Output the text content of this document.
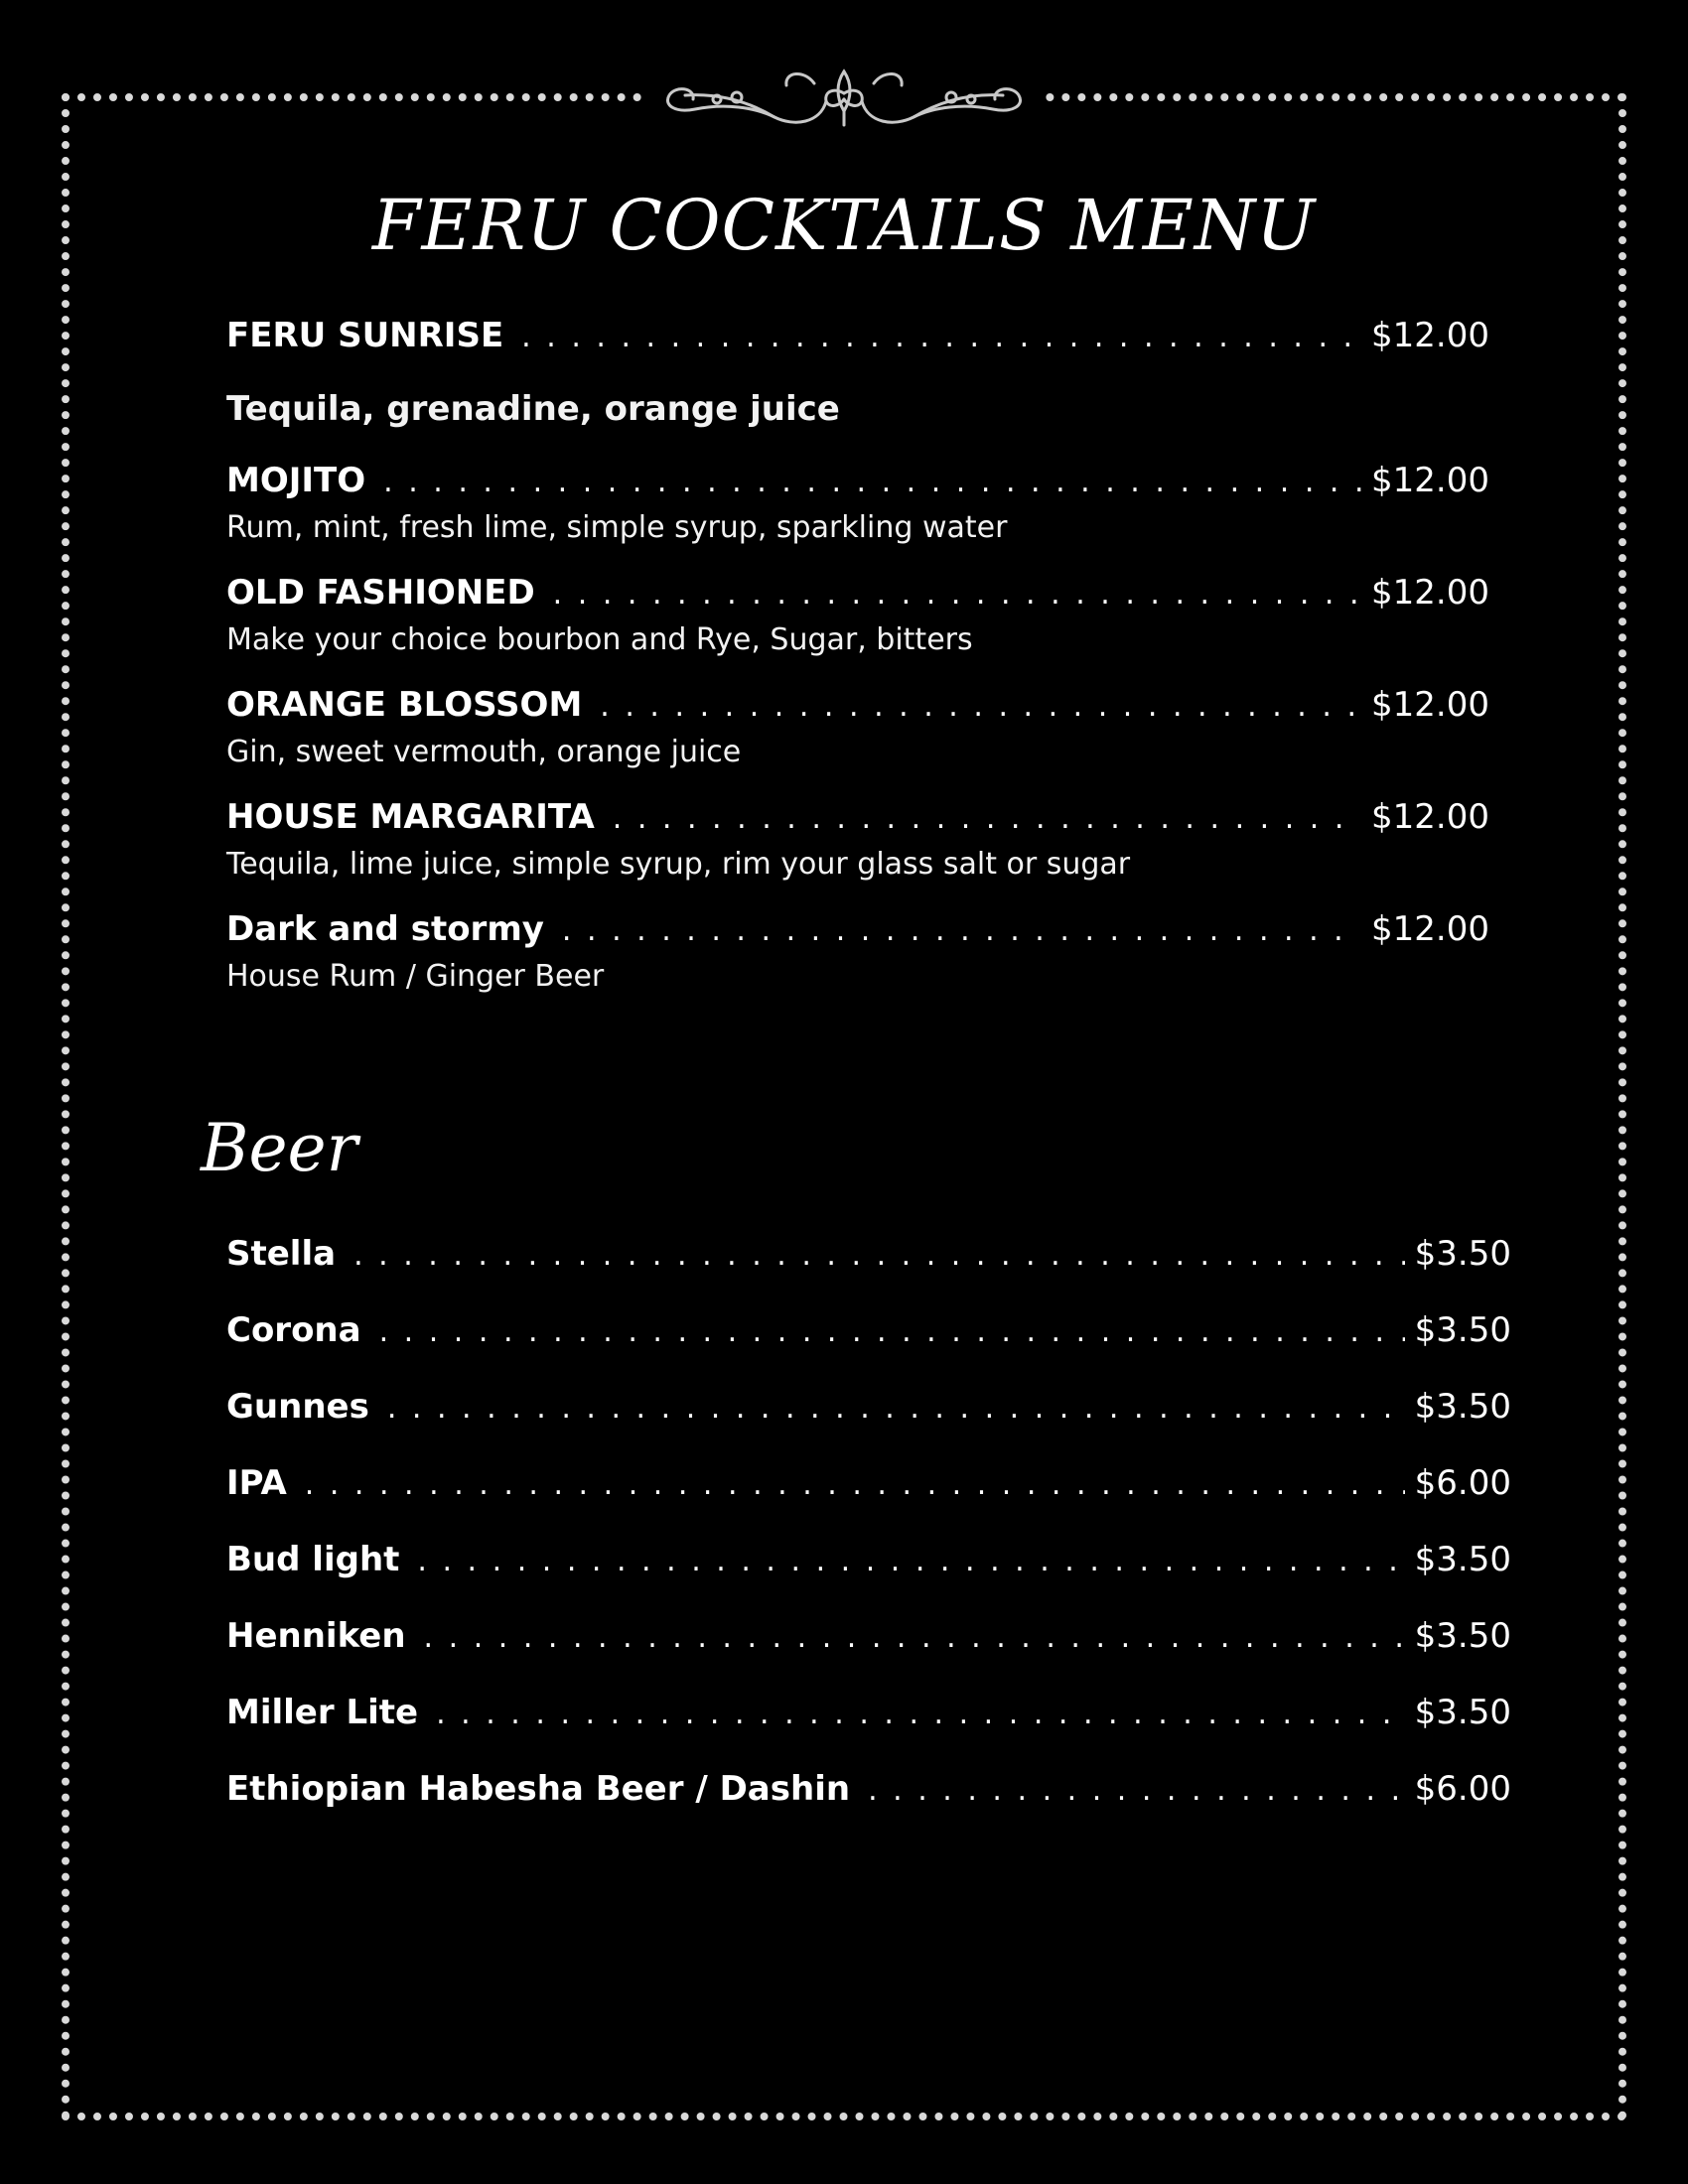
FERU COCKTAILS MENU
FERU SUNRISE . . .	$12.00
Tequila, grenadine, orange juice
MOJITO . . .	$12.00
Rum, mint, fresh lime, simple syrup, sparkling water
OLD FASHIONED . . .	$12.00
Make your choice bourbon and Rye, Sugar, bitters
ORANGE BLOSSOM . . .	$12.00
Gin, sweet vermouth, orange juice
HOUSE MARGARITA . . .	$12.00
Tequila, lime juice, simple syrup, rim your glass salt or sugar
Dark and stormy . . .	$12.00
House Rum / Ginger Beer
Beer
Stella . . .	$3.50
Corona . . .	$3.50
Gunnes . . .	$3.50
IPA . . .	$6.00
Bud light . . .	$3.50
Henniken . . .	$3.50
Miller Lite . . .	$3.50
Ethiopian Habesha Beer / Dashin . . .	$6.00
